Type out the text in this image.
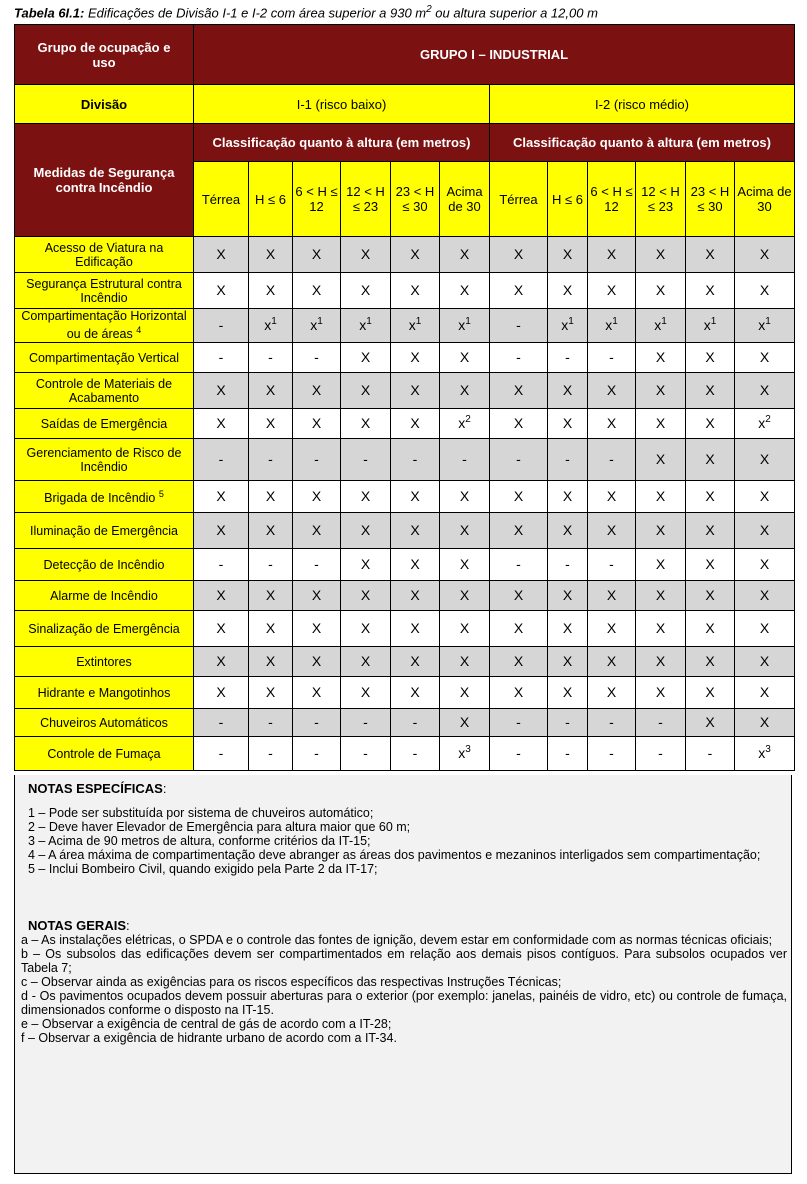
Tabela 6I.1: Edificações de Divisão I-1 e I-2 com área superior a 930 $m^2$ ou altura superior a 12,00 m
Grupo de ocupação e uso	GRUPO I – INDUSTRIAL											
Divisão	I-1 (risco baixo)						I-2 (risco médio)					
Medidas de Segurança contra Incêndio	Classificação quanto à altura (em metros)						Classificação quanto à altura (em metros)					
	Térrea	H ≤ 6	6 < H ≤ 12	12 < H ≤ 23	23 < H ≤ 30	Acima de 30	Térrea	H ≤ 6	6 < H ≤ 12	12 < H ≤ 23	23 < H ≤ 30	Acima de 30
Acesso de Viatura na Edificação	X	X	X	X	X	X	X	X	X	X	X	X
Segurança Estrutural contra Incêndio	X	X	X	X	X	X	X	X	X	X	X	X
Compartimentação Horizontal ou de áreas $^4$	-	$x^1$	$x^1$	$x^1$	$x^1$	$x^1$	-	$x^1$	$x^1$	$x^1$	$x^1$	$x^1$
Compartimentação Vertical	-	-	-	X	X	X	-	-	-	X	X	X
Controle de Materiais de Acabamento	X	X	X	X	X	X	X	X	X	X	X	X
Saídas de Emergência	X	X	X	X	X	$x^2$	X	X	X	X	X	$x^2$
Gerenciamento de Risco de Incêndio	-	-	-	-	-	-	-	-	-	X	X	X
Brigada de Incêndio $^5$	X	X	X	X	X	X	X	X	X	X	X	X
Iluminação de Emergência	X	X	X	X	X	X	X	X	X	X	X	X
Detecção de Incêndio	-	-	-	X	X	X	-	-	-	X	X	X
Alarme de Incêndio	X	X	X	X	X	X	X	X	X	X	X	X
Sinalização de Emergência	X	X	X	X	X	X	X	X	X	X	X	X
Extintores	X	X	X	X	X	X	X	X	X	X	X	X
Hidrante e Mangotinhos	X	X	X	X	X	X	X	X	X	X	X	X
Chuveiros Automáticos	-	-	-	-	-	X	-	-	-	-	X	X
Controle de Fumaça	-	-	-	-	-	$x^3$	-	-	-	-	-	$x^3$

NOTAS ESPECÍFICAS:

1 – Pode ser substituída por sistema de chuveiros automático;

2 – Deve haver Elevador de Emergência para altura maior que 60 m;

3 – Acima de 90 metros de altura, conforme critérios da IT-15;

4 – A área máxima de compartimentação deve abranger as áreas dos pavimentos e mezaninos interligados sem compartimentação;

5 – Inclui Bombeiro Civil, quando exigido pela Parte 2 da IT-17;

NOTAS GERAIS:

a – As instalações elétricas, o SPDA e o controle das fontes de ignição, devem estar em conformidade com as normas técnicas oficiais;

b – Os subsolos das edificações devem ser compartimentados em relação aos demais pisos contíguos. Para subsolos ocupados ver Tabela 7;

c – Observar ainda as exigências para os riscos específicos das respectivas Instruções Técnicas;

d - Os pavimentos ocupados devem possuir aberturas para o exterior (por exemplo: janelas, painéis de vidro, etc) ou controle de fumaça, dimensionados conforme o disposto na IT-15.

e – Observar a exigência de central de gás de acordo com a IT-28;

f – Observar a exigência de hidrante urbano de acordo com a IT-34.
